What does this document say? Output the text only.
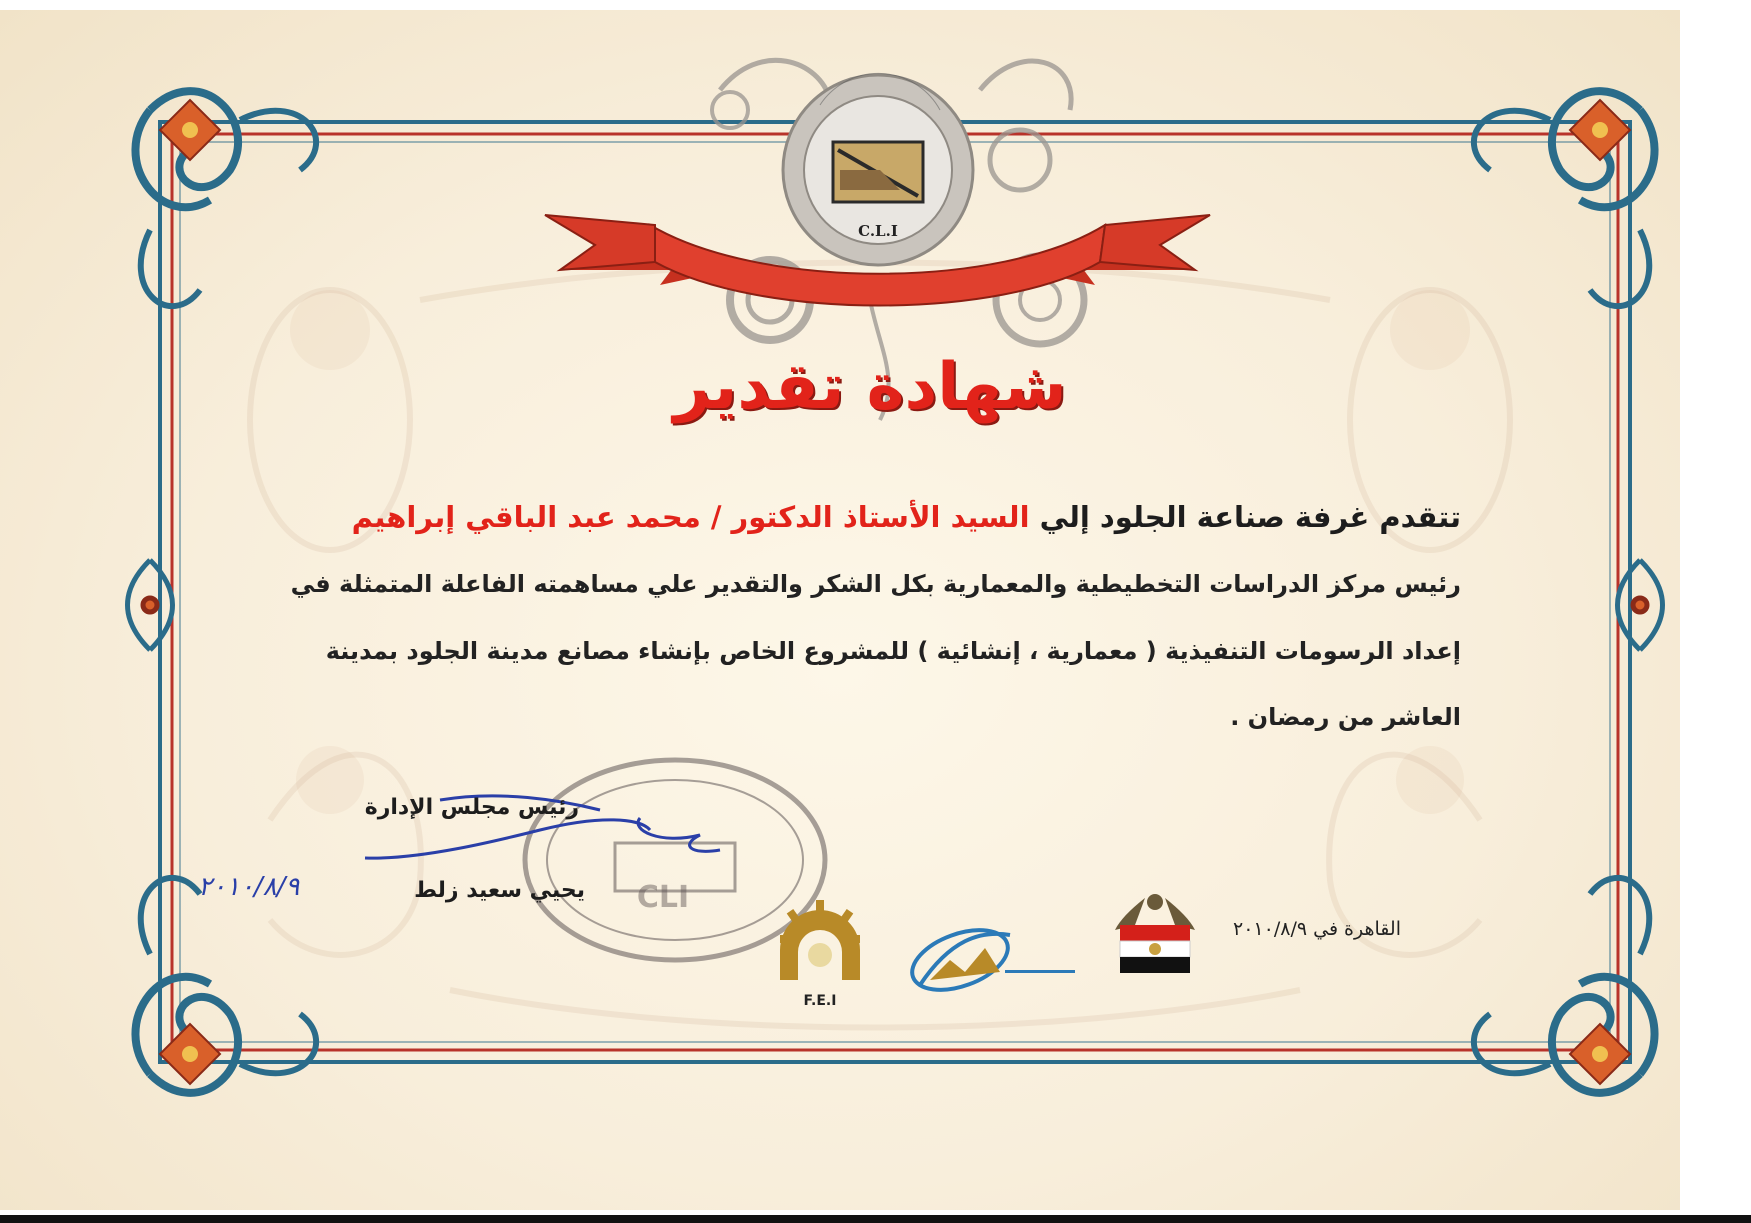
C.L.I
شهادة تقدير
تتقدم غرفة صناعة الجلود إلي السيد الأستاذ الدكتور / محمد عبد الباقي إبراهيم
رئيس مركز الدراسات التخطيطية والمعمارية بكل الشكر والتقدير علي مساهمته الفاعلة المتمثلة في
إعداد الرسومات التنفيذية ( معمارية ، إنشائية ) للمشروع الخاص بإنشاء مصانع مدينة الجلود بمدينة
العاشر من رمضان .
CLI
رئيس مجلس الإدارة
يحيي سعيد زلط
٢٠١٠/٨/٩
القاهرة في ٢٠١٠/٨/٩
F.E.I
